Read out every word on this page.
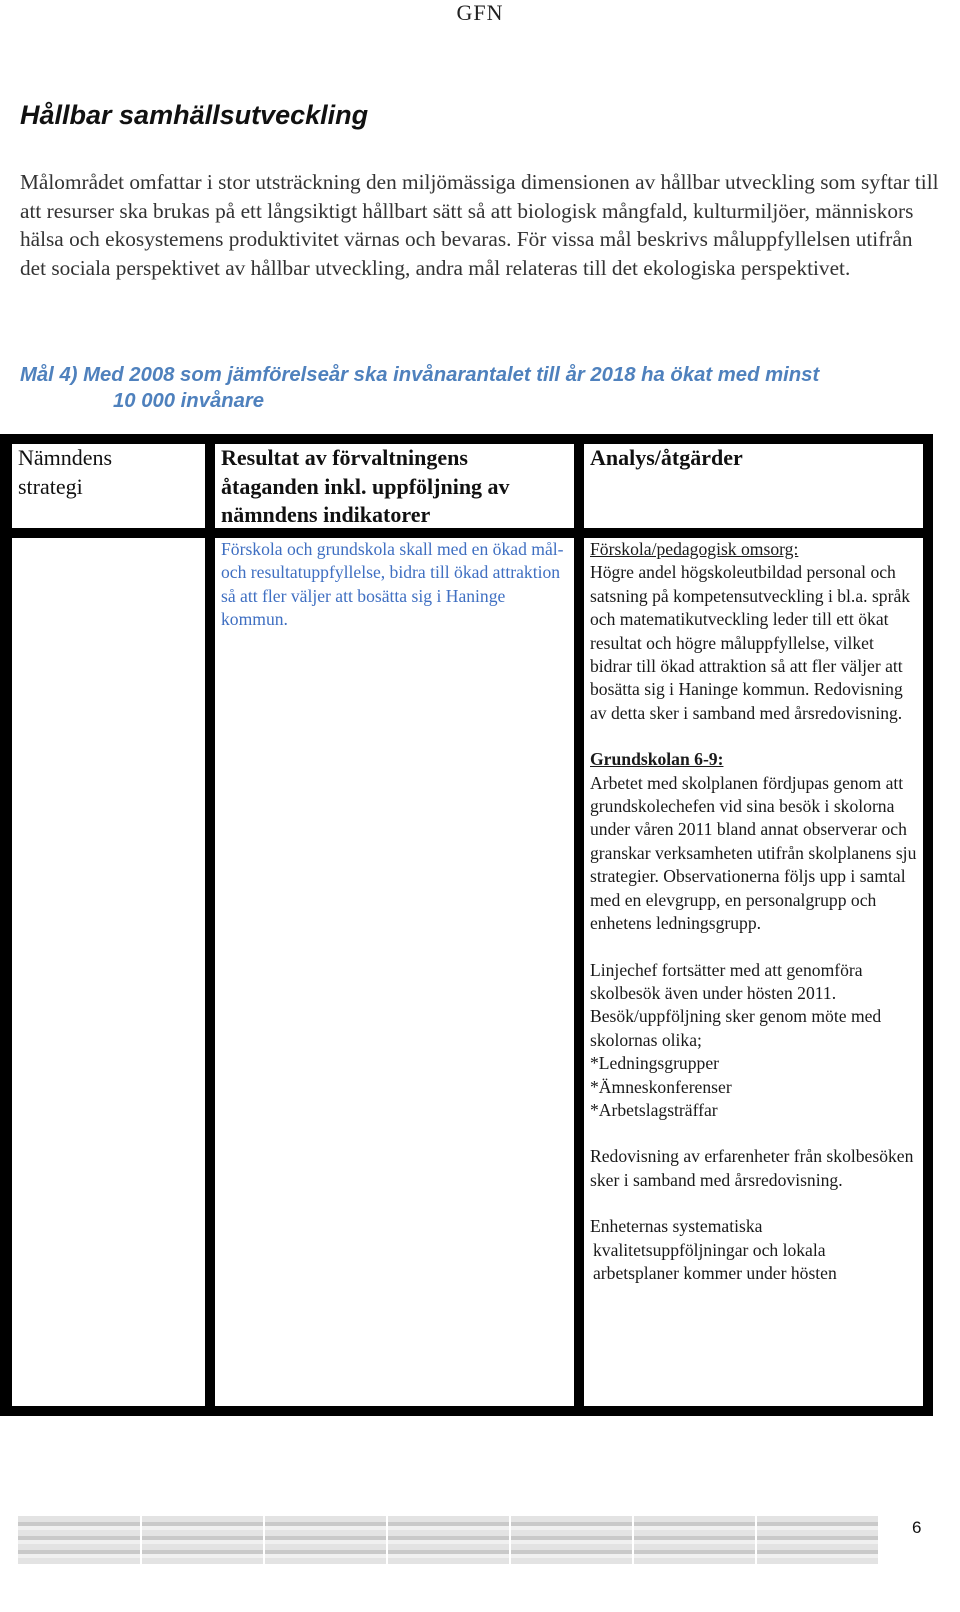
GFN
Hållbar samhällsutveckling

Målområdet omfattar i stor utsträckning den miljömässiga dimensionen av hållbar utveckling som syftar till att resurser ska brukas på ett långsiktigt hållbart sätt så att biologisk mångfald, kulturmiljöer, människors hälsa och ekosystemens produktivitet värnas och bevaras. För vissa mål beskrivs måluppfyllelsen utifrån det sociala perspektivet av hållbar utveckling, andra mål relateras till det ekologiska perspektivet.

Mål 4) Med 2008 som jämförelseår ska invånarantalet till år 2018 ha ökat med minst
10 000 invånare

Nämndens strategi

Resultat av förvaltningens
åtaganden inkl. uppföljning av
nämndens indikatorer

Analys/åtgärder

Förskola och grundskola skall med en ökad mål- och resultatuppfyllelse, bidra till ökad attraktion så att fler väljer att bosätta sig i Haninge kommun.

Förskola/pedagogisk omsorg:

Högre andel högskoleutbildad personal och satsning på kompetensutveckling i bl.a. språk och matematikutveckling leder till ett ökat resultat och högre måluppfyllelse, vilket bidrar till ökad attraktion så att fler väljer att bosätta sig i Haninge kommun. Redovisning av detta sker i samband med årsredovisning.

Grundskolan 6-9:

Arbetet med skolplanen fördjupas genom att grundskolechefen vid sina besök i skolorna under våren 2011 bland annat observerar och granskar verksamheten utifrån skolplanens sju strategier. Observationerna följs upp i samtal med en elevgrupp, en personalgrupp och enhetens ledningsgrupp.

Linjechef fortsätter med att genomföra skolbesök även under hösten 2011. Besök/uppföljning sker genom möte med skolornas olika;

*Ledningsgrupper

*Ämneskonferenser

*Arbetslagsträffar

Redovisning av erfarenheter från skolbesöken sker i samband med årsredovisning.

Enheternas systematiska

kvalitetsuppföljningar och lokala

arbetsplaner kommer under hösten

6
